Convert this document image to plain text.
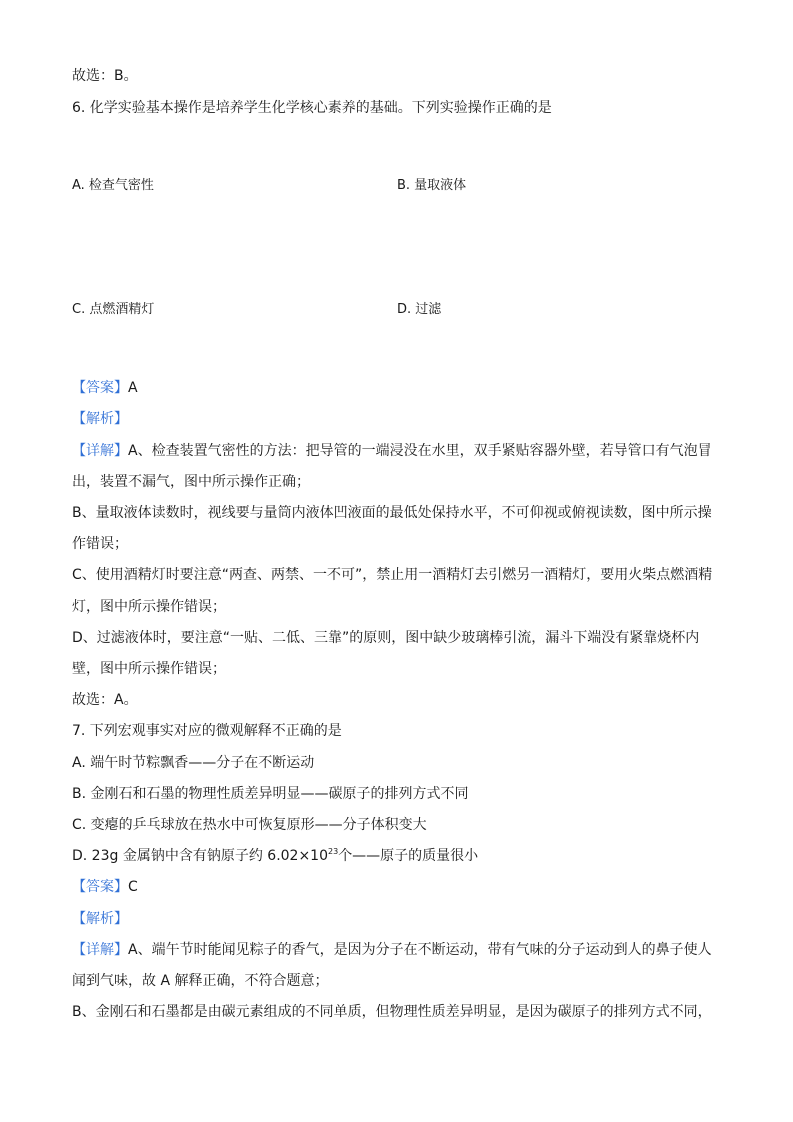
故选：B。
6. 化学实验基本操作是培养学生化学核心素养的基础。下列实验操作正确的是
A. 检查气密性	B. 量取液体
C. 点燃酒精灯	D. 过滤
【答案】A
【解析】
【详解】A、检查装置气密性的方法：把导管的一端浸没在水里，双手紧贴容器外壁，若导管口有气泡冒
出，装置不漏气，图中所示操作正确；
B、量取液体读数时，视线要与量筒内液体凹液面的最低处保持水平，不可仰视或俯视读数，图中所示操
作错误；
C、使用酒精灯时要注意“两查、两禁、一不可”，禁止用一酒精灯去引燃另一酒精灯，要用火柴点燃酒精
灯，图中所示操作错误；
D、过滤液体时，要注意“一贴、二低、三靠”的原则，图中缺少玻璃棒引流，漏斗下端没有紧靠烧杯内
壁，图中所示操作错误；
故选：A。
7. 下列宏观事实对应的微观解释不正确的是
A. 端午时节粽飘香——分子在不断运动
B. 金刚石和石墨的物理性质差异明显——碳原子的排列方式不同
C. 变瘪的乒乓球放在热水中可恢复原形——分子体积变大
D. 23g 金属钠中含有钠原子约 $6.02\times 10^{23}$个——原子的质量很小
【答案】C
【解析】
【详解】A、端午节时能闻见粽子的香气，是因为分子在不断运动，带有气味的分子运动到人的鼻子使人
闻到气味，故 A 解释正确，不符合题意；
B、金刚石和石墨都是由碳元素组成的不同单质，但物理性质差异明显，是因为碳原子的排列方式不同，
